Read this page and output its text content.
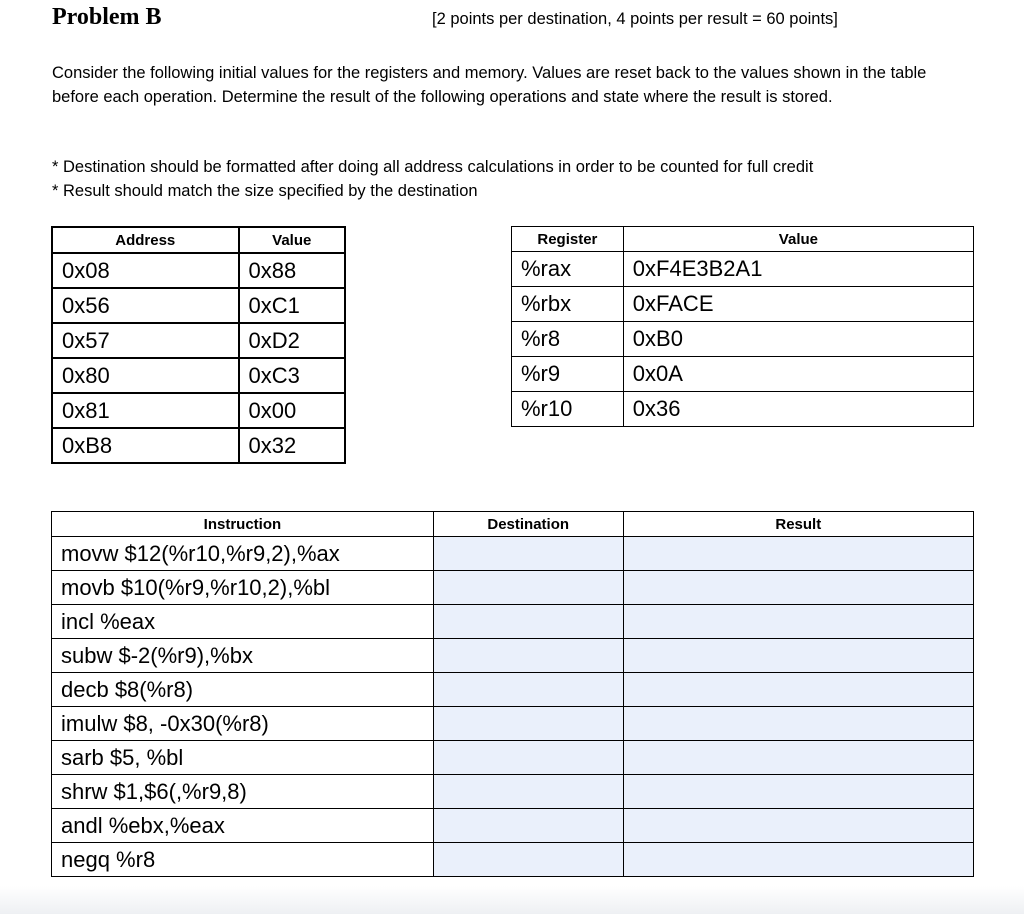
Problem B	[2 points per destination, 4 points per result = 60 points]
Consider the following initial values for the registers and memory. Values are reset back to the values shown in the table before each operation. Determine the result of the following operations and state where the result is stored.
* Destination should be formatted after doing all address calculations in order to be counted for full credit
* Result should match the size specified by the destination
Address	Value
0x08	0x88
0x56	0xC1
0x57	0xD2
0x80	0xC3
0x81	0x00
0xB8	0x32
Register	Value
%rax	0xF4E3B2A1
%rbx	0xFACE
%r8	0xB0
%r9	0x0A
%r10	0x36
Instruction	Destination	Result
movw $12(%r10,%r9,2),%ax		
movb $10(%r9,%r10,2),%bl		
incl %eax		
subw $-2(%r9),%bx		
decb $8(%r8)		
imulw $8, -0x30(%r8)		
sarb $5, %bl		
shrw $1,$6(,%r9,8)		
andl %ebx,%eax		
negq %r8		
